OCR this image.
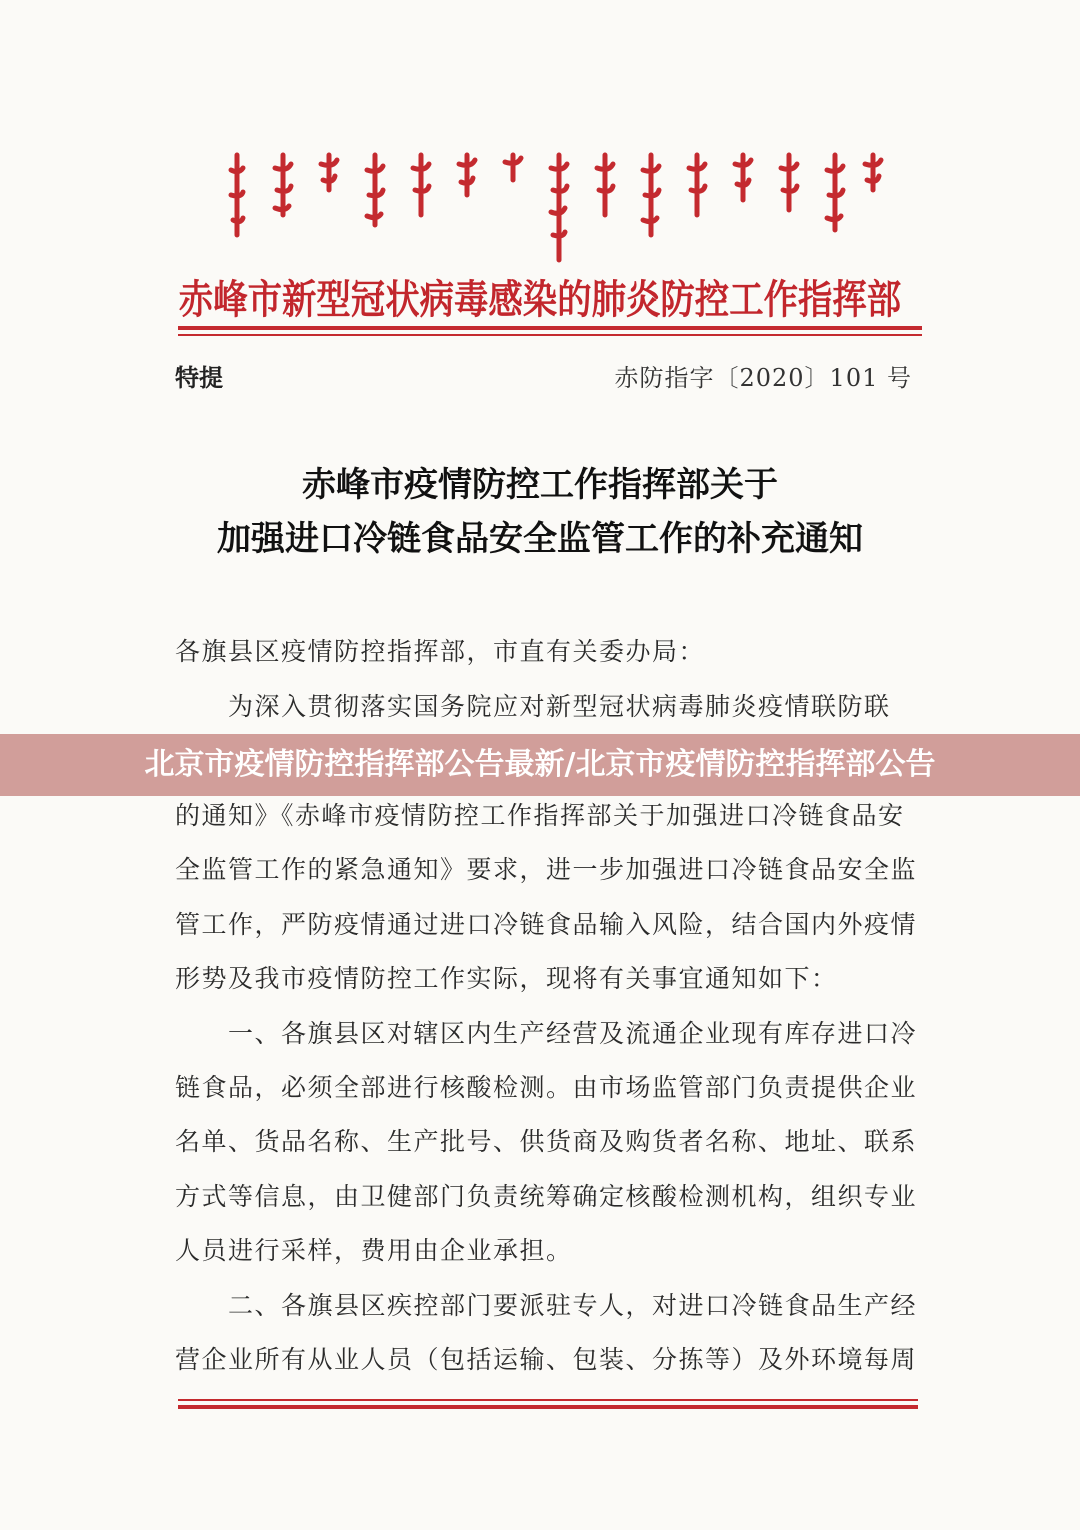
赤峰市新型冠状病毒感染的肺炎防控工作指挥部
特提	赤防指字〔2020〕101 号
赤峰市疫情防控工作指挥部关于
加强进口冷链食品安全监管工作的补充通知
各旗县区疫情防控指挥部，市直有关委办局：
　　为深入贯彻落实国务院应对新型冠状病毒肺炎疫情联防联
的通知》《赤峰市疫情防控工作指挥部关于加强进口冷链食品安
全监管工作的紧急通知》要求，进一步加强进口冷链食品安全监
管工作，严防疫情通过进口冷链食品输入风险，结合国内外疫情
形势及我市疫情防控工作实际，现将有关事宜通知如下：
　　一、各旗县区对辖区内生产经营及流通企业现有库存进口冷
链食品，必须全部进行核酸检测。由市场监管部门负责提供企业
名单、货品名称、生产批号、供货商及购货者名称、地址、联系
方式等信息，由卫健部门负责统筹确定核酸检测机构，组织专业
人员进行采样，费用由企业承担。
　　二、各旗县区疾控部门要派驻专人，对进口冷链食品生产经
营企业所有从业人员（包括运输、包装、分拣等）及外环境每周
北京市疫情防控指挥部公告最新/北京市疫情防控指挥部公告
